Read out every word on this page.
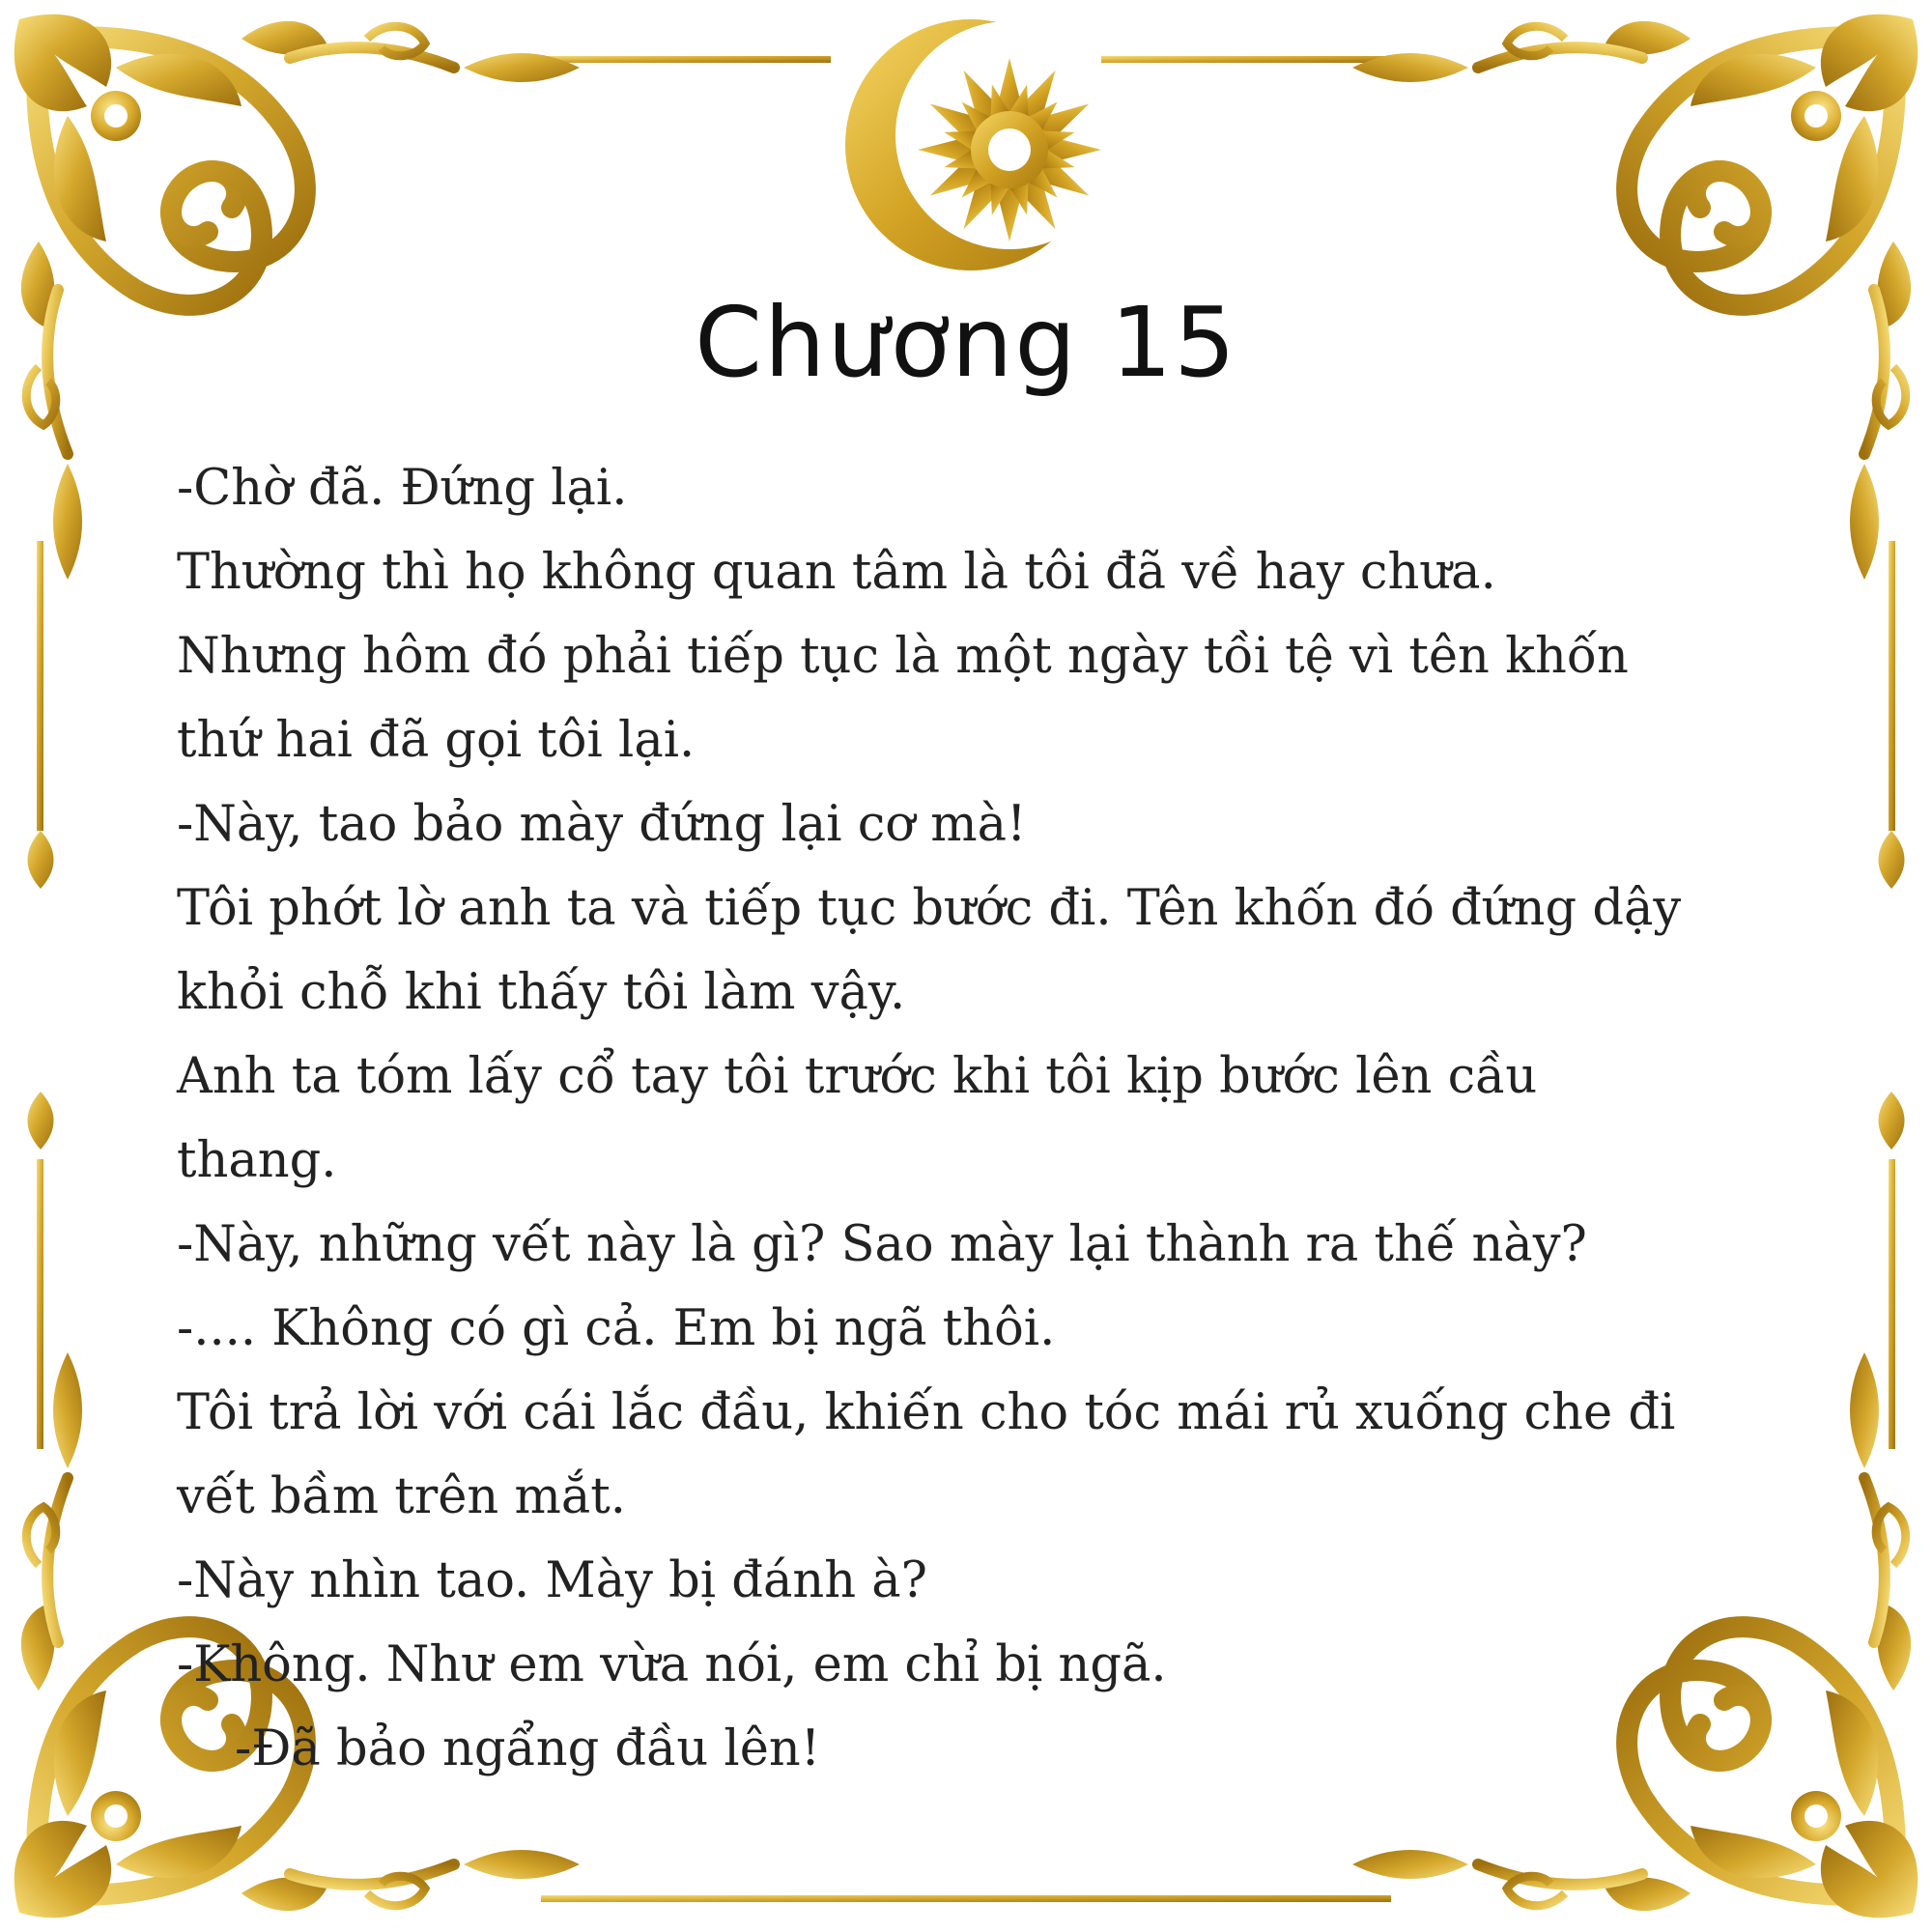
Chương 15
-Chờ đã. Đứng lại.
Thường thì họ không quan tâm là tôi đã về hay chưa.
Nhưng hôm đó phải tiếp tục là một ngày tồi tệ vì tên khốn
thứ hai đã gọi tôi lại.
-Này, tao bảo mày đứng lại cơ mà!
Tôi phớt lờ anh ta và tiếp tục bước đi. Tên khốn đó đứng dậy
khỏi chỗ khi thấy tôi làm vậy.
Anh ta tóm lấy cổ tay tôi trước khi tôi kịp bước lên cầu
thang.
-Này, những vết này là gì? Sao mày lại thành ra thế này?
-.... Không có gì cả. Em bị ngã thôi.
Tôi trả lời với cái lắc đầu, khiến cho tóc mái rủ xuống che đi
vết bầm trên mắt.
-Này nhìn tao. Mày bị đánh à?
-Không. Như em vừa nói, em chỉ bị ngã.
-Đã bảo ngẩng đầu lên!
